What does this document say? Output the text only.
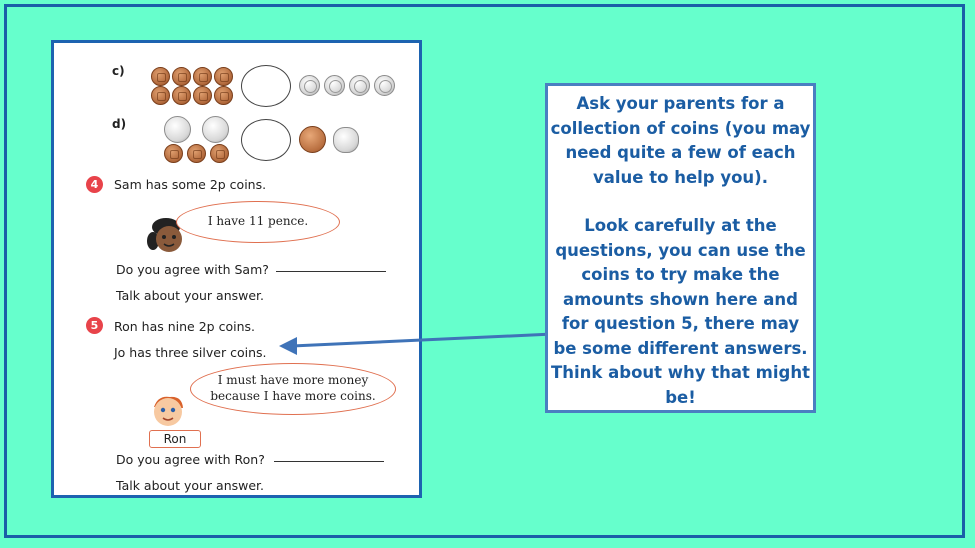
c)
d)
4	Sam has some 2p coins.
I have 11 pence.
Do you agree with Sam?
Talk about your answer.
5	Ron has nine 2p coins.
Jo has three silver coins.
I must have more money
because I have more coins.
Ron
Do you agree with Ron?
Talk about your answer.

Ask your parents for a collection of coins (you may need quite a few of each value to help you).

Look carefully at the questions, you can use the coins to try make the amounts shown here and for question 5, there may be some different answers. Think about why that might be!
